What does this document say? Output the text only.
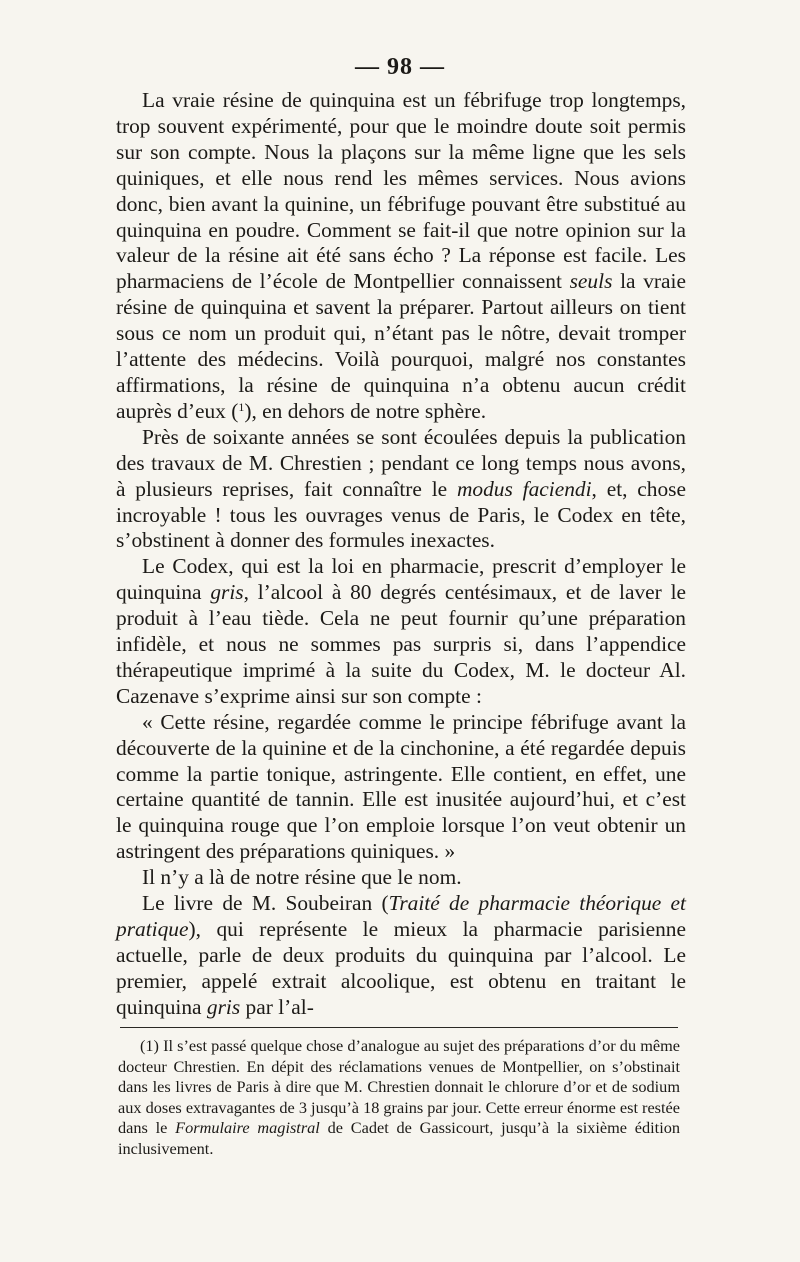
— 98 —

La vraie résine de quinquina est un fébrifuge trop longtemps, trop souvent expérimenté, pour que le moindre doute soit permis sur son compte. Nous la plaçons sur la même ligne que les sels quiniques, et elle nous rend les mêmes services. Nous avions donc, bien avant la quinine, un fébrifuge pouvant être substitué au quinquina en poudre. Comment se fait-il que notre opinion sur la valeur de la résine ait été sans écho ? La réponse est facile. Les pharmaciens de l’école de Montpellier connaissent seuls la vraie résine de quinquina et savent la préparer. Partout ailleurs on tient sous ce nom un produit qui, n’étant pas le nôtre, devait tromper l’attente des médecins. Voilà pourquoi, malgré nos constantes affirmations, la résine de quinquina n’a obtenu aucun crédit auprès d’eux ($^1$), en dehors de notre sphère.

Près de soixante années se sont écoulées depuis la publication des travaux de M. Chrestien ; pendant ce long temps nous avons, à plusieurs reprises, fait connaître le modus faciendi, et, chose incroyable ! tous les ouvrages venus de Paris, le Codex en tête, s’obstinent à donner des formules inexactes.

Le Codex, qui est la loi en pharmacie, prescrit d’employer le quinquina gris, l’alcool à 80 degrés centésimaux, et de laver le produit à l’eau tiède. Cela ne peut fournir qu’une préparation infidèle, et nous ne sommes pas surpris si, dans l’appendice thérapeutique imprimé à la suite du Codex, M. le docteur Al. Cazenave s’exprime ainsi sur son compte :

« Cette résine, regardée comme le principe fébrifuge avant la découverte de la quinine et de la cinchonine, a été regardée depuis comme la partie tonique, astringente. Elle contient, en effet, une certaine quantité de tannin. Elle est inusitée aujourd’hui, et c’est le quinquina rouge que l’on emploie lorsque l’on veut obtenir un astringent des préparations quiniques. »

Il n’y a là de notre résine que le nom.

Le livre de M. Soubeiran (Traité de pharmacie théorique et pratique), qui représente le mieux la pharmacie parisienne actuelle, parle de deux produits du quinquina par l’alcool. Le premier, appelé extrait alcoolique, est obtenu en traitant le quinquina gris par l’al-

(1) Il s’est passé quelque chose d’analogue au sujet des préparations d’or du même docteur Chrestien. En dépit des réclamations venues de Montpellier, on s’obstinait dans les livres de Paris à dire que M. Chrestien donnait le chlorure d’or et de sodium aux doses extravagantes de 3 jusqu’à 18 grains par jour. Cette erreur énorme est restée dans le Formulaire magistral de Cadet de Gassicourt, jusqu’à la sixième édition inclusivement.
